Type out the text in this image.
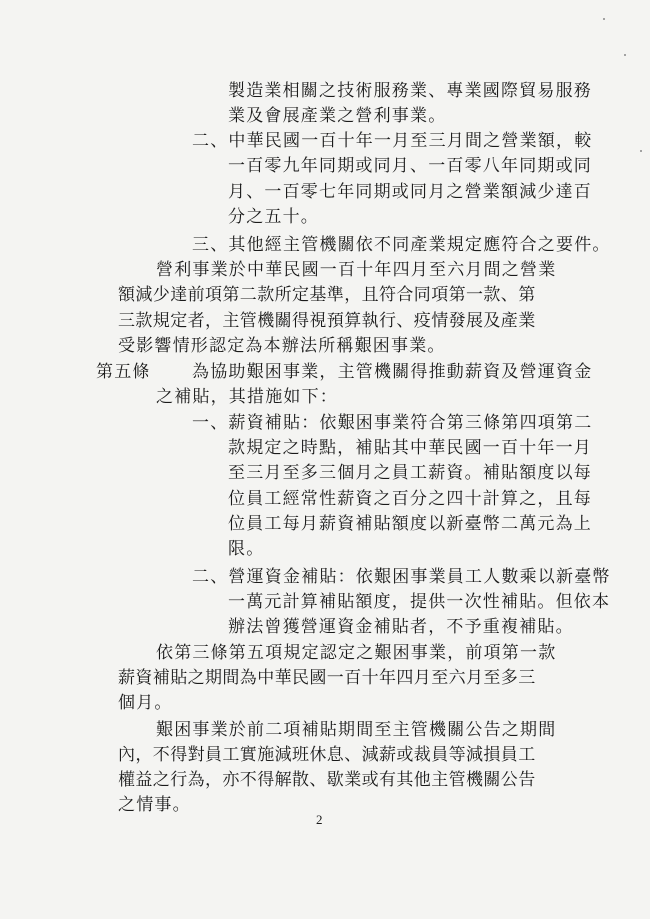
製造業相關之技術服務業、專業國際貿易服務
業及會展產業之營利事業。
二、中華民國一百十年一月至三月間之營業額，較
一百零九年同期或同月、一百零八年同期或同
月、一百零七年同期或同月之營業額減少達百
分之五十。
三、其他經主管機關依不同產業規定應符合之要件。
營利事業於中華民國一百十年四月至六月間之營業
額減少達前項第二款所定基準，且符合同項第一款、第
三款規定者，主管機關得視預算執行、疫情發展及產業
受影響情形認定為本辦法所稱艱困事業。
第五條 為協助艱困事業，主管機關得推動薪資及營運資金
之補貼，其措施如下：
一、薪資補貼：依艱困事業符合第三條第四項第二
款規定之時點，補貼其中華民國一百十年一月
至三月至多三個月之員工薪資。補貼額度以每
位員工經常性薪資之百分之四十計算之，且每
位員工每月薪資補貼額度以新臺幣二萬元為上
限。
二、營運資金補貼：依艱困事業員工人數乘以新臺幣
一萬元計算補貼額度，提供一次性補貼。但依本
辦法曾獲營運資金補貼者，不予重複補貼。
依第三條第五項規定認定之艱困事業，前項第一款
薪資補貼之期間為中華民國一百十年四月至六月至多三
個月。
艱困事業於前二項補貼期間至主管機關公告之期間
內，不得對員工實施減班休息、減薪或裁員等減損員工
權益之行為，亦不得解散、歇業或有其他主管機關公告
之情事。
2
